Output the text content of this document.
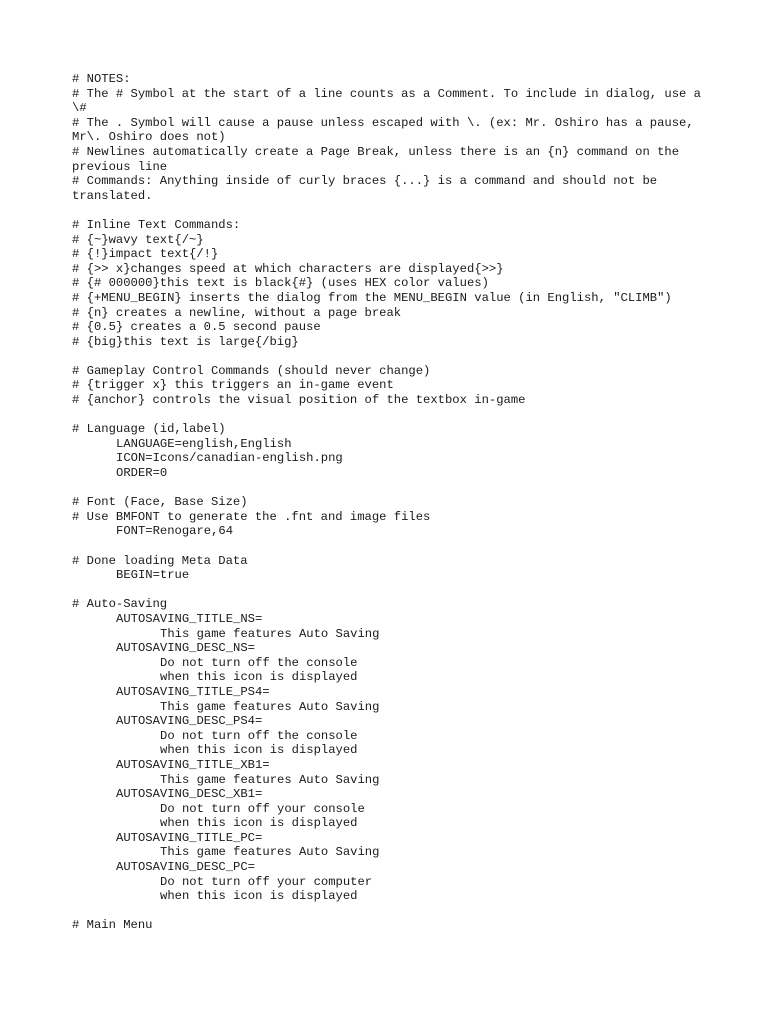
# NOTES:
# The # Symbol at the start of a line counts as a Comment. To include in dialog, use a \#
# The . Symbol will cause a pause unless escaped with \. (ex: Mr. Oshiro has a pause, Mr\. Oshiro does not)
# Newlines automatically create a Page Break, unless there is an {n} command on the previous line
# Commands: Anything inside of curly braces {...} is a command and should not be translated.
# Inline Text Commands:
# {~}wavy text{/~}
# {!}impact text{/!}
# {>> x}changes speed at which characters are displayed{>>}
# {# 000000}this text is black{#} (uses HEX color values)
# {+MENU_BEGIN} inserts the dialog from the MENU_BEGIN value (in English, "CLIMB")
# {n} creates a newline, without a page break
# {0.5} creates a 0.5 second pause
# {big}this text is large{/big}
# Gameplay Control Commands (should never change)
# {trigger x} this triggers an in-game event
# {anchor} controls the visual position of the textbox in-game
# Language (id,label)
LANGUAGE=english,English
ICON=Icons/canadian-english.png
ORDER=0
# Font (Face, Base Size)
# Use BMFONT to generate the .fnt and image files
FONT=Renogare,64
# Done loading Meta Data
BEGIN=true
# Auto-Saving
AUTOSAVING_TITLE_NS=
This game features Auto Saving
AUTOSAVING_DESC_NS=
Do not turn off the console
when this icon is displayed
AUTOSAVING_TITLE_PS4=
This game features Auto Saving
AUTOSAVING_DESC_PS4=
Do not turn off the console
when this icon is displayed
AUTOSAVING_TITLE_XB1=
This game features Auto Saving
AUTOSAVING_DESC_XB1=
Do not turn off your console
when this icon is displayed
AUTOSAVING_TITLE_PC=
This game features Auto Saving
AUTOSAVING_DESC_PC=
Do not turn off your computer
when this icon is displayed
# Main Menu
